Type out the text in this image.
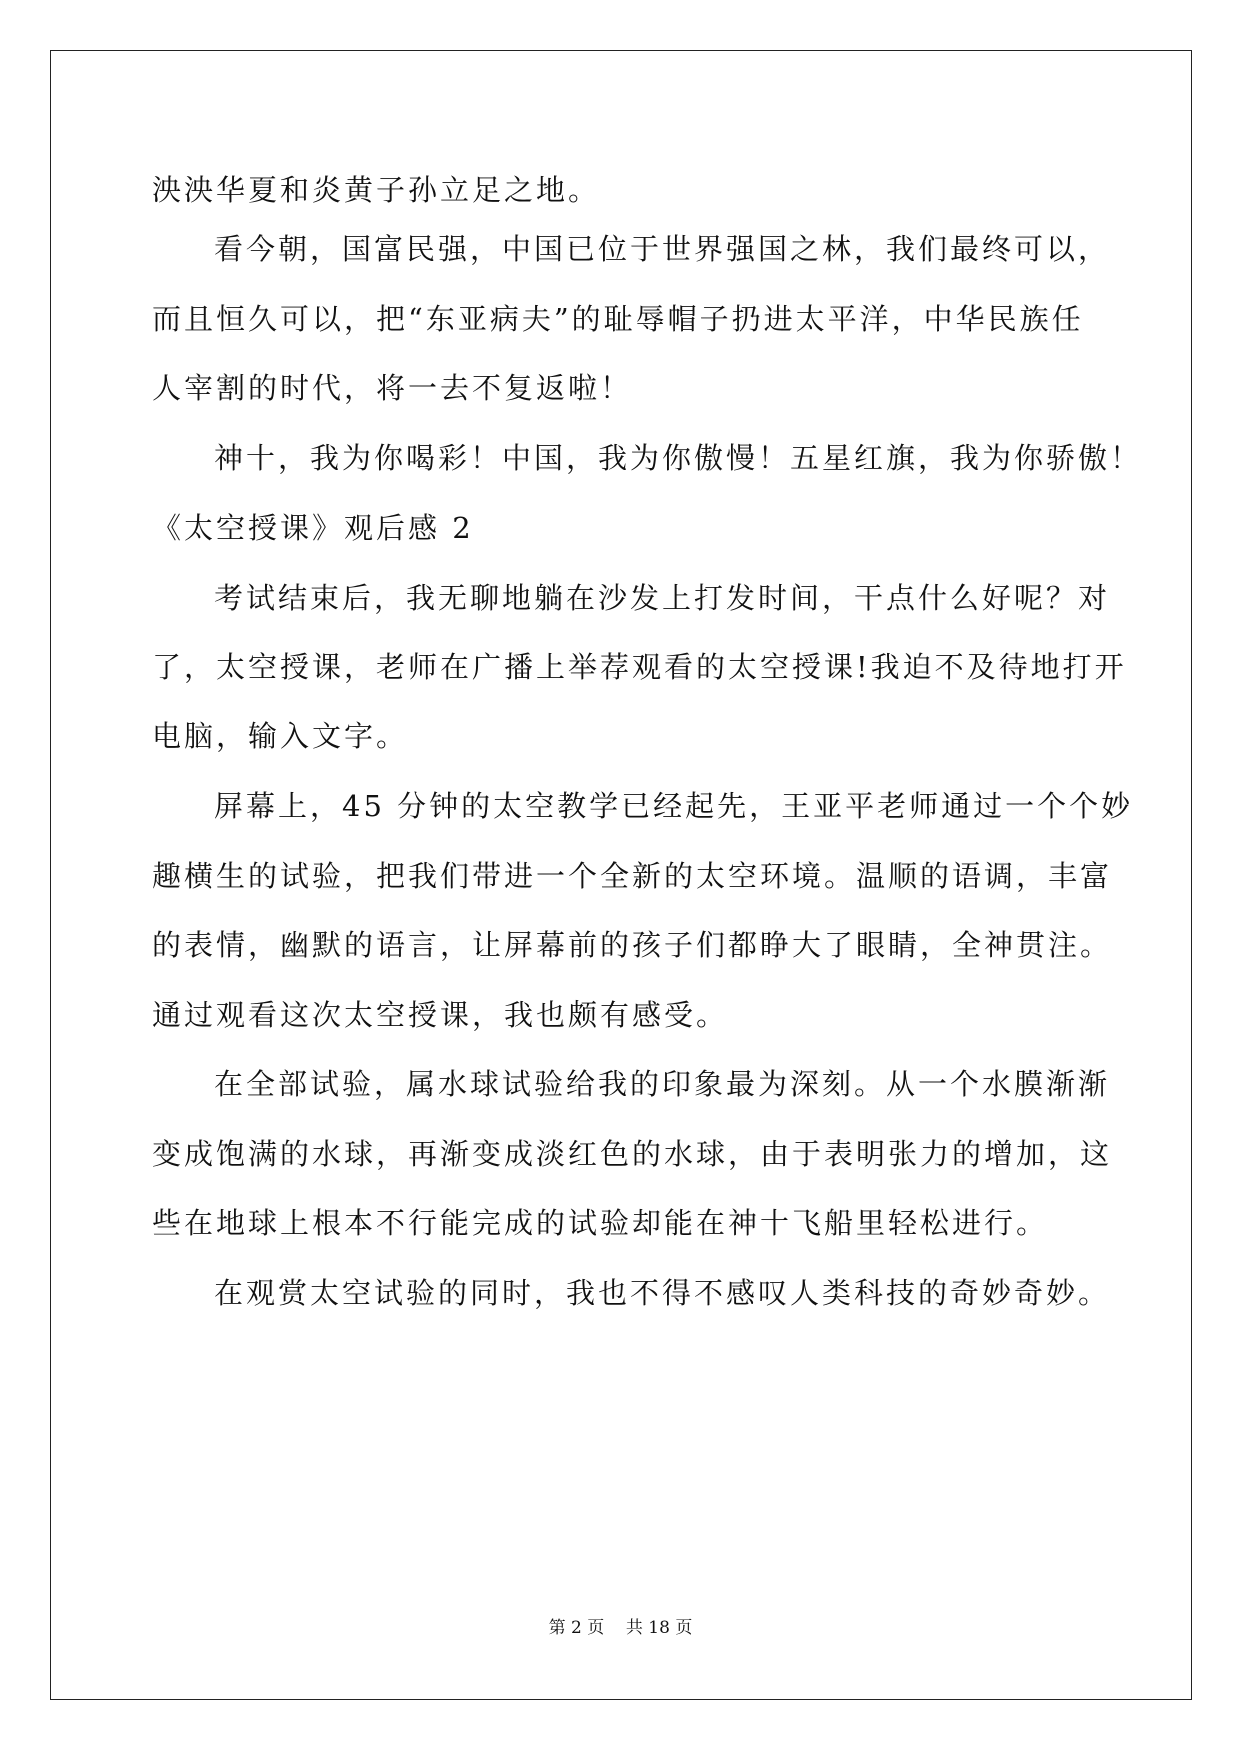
泱泱华夏和炎黄子孙立足之地。
看今朝，国富民强，中国已位于世界强国之林，我们最终可以，
而且恒久可以，把“东亚病夫”的耻辱帽子扔进太平洋，中华民族任
人宰割的时代，将一去不复返啦！
神十，我为你喝彩！中国，我为你傲慢！五星红旗，我为你骄傲！
《太空授课》观后感 2
考试结束后，我无聊地躺在沙发上打发时间，干点什么好呢？对
了，太空授课，老师在广播上举荐观看的太空授课!我迫不及待地打开
电脑，输入文字。
屏幕上，45 分钟的太空教学已经起先，王亚平老师通过一个个妙
趣横生的试验，把我们带进一个全新的太空环境。温顺的语调，丰富
的表情，幽默的语言，让屏幕前的孩子们都睁大了眼睛，全神贯注。
通过观看这次太空授课，我也颇有感受。
在全部试验，属水球试验给我的印象最为深刻。从一个水膜渐渐
变成饱满的水球，再渐变成淡红色的水球，由于表明张力的增加，这
些在地球上根本不行能完成的试验却能在神十飞船里轻松进行。
在观赏太空试验的同时，我也不得不感叹人类科技的奇妙奇妙。
第 2 页    共 18 页
